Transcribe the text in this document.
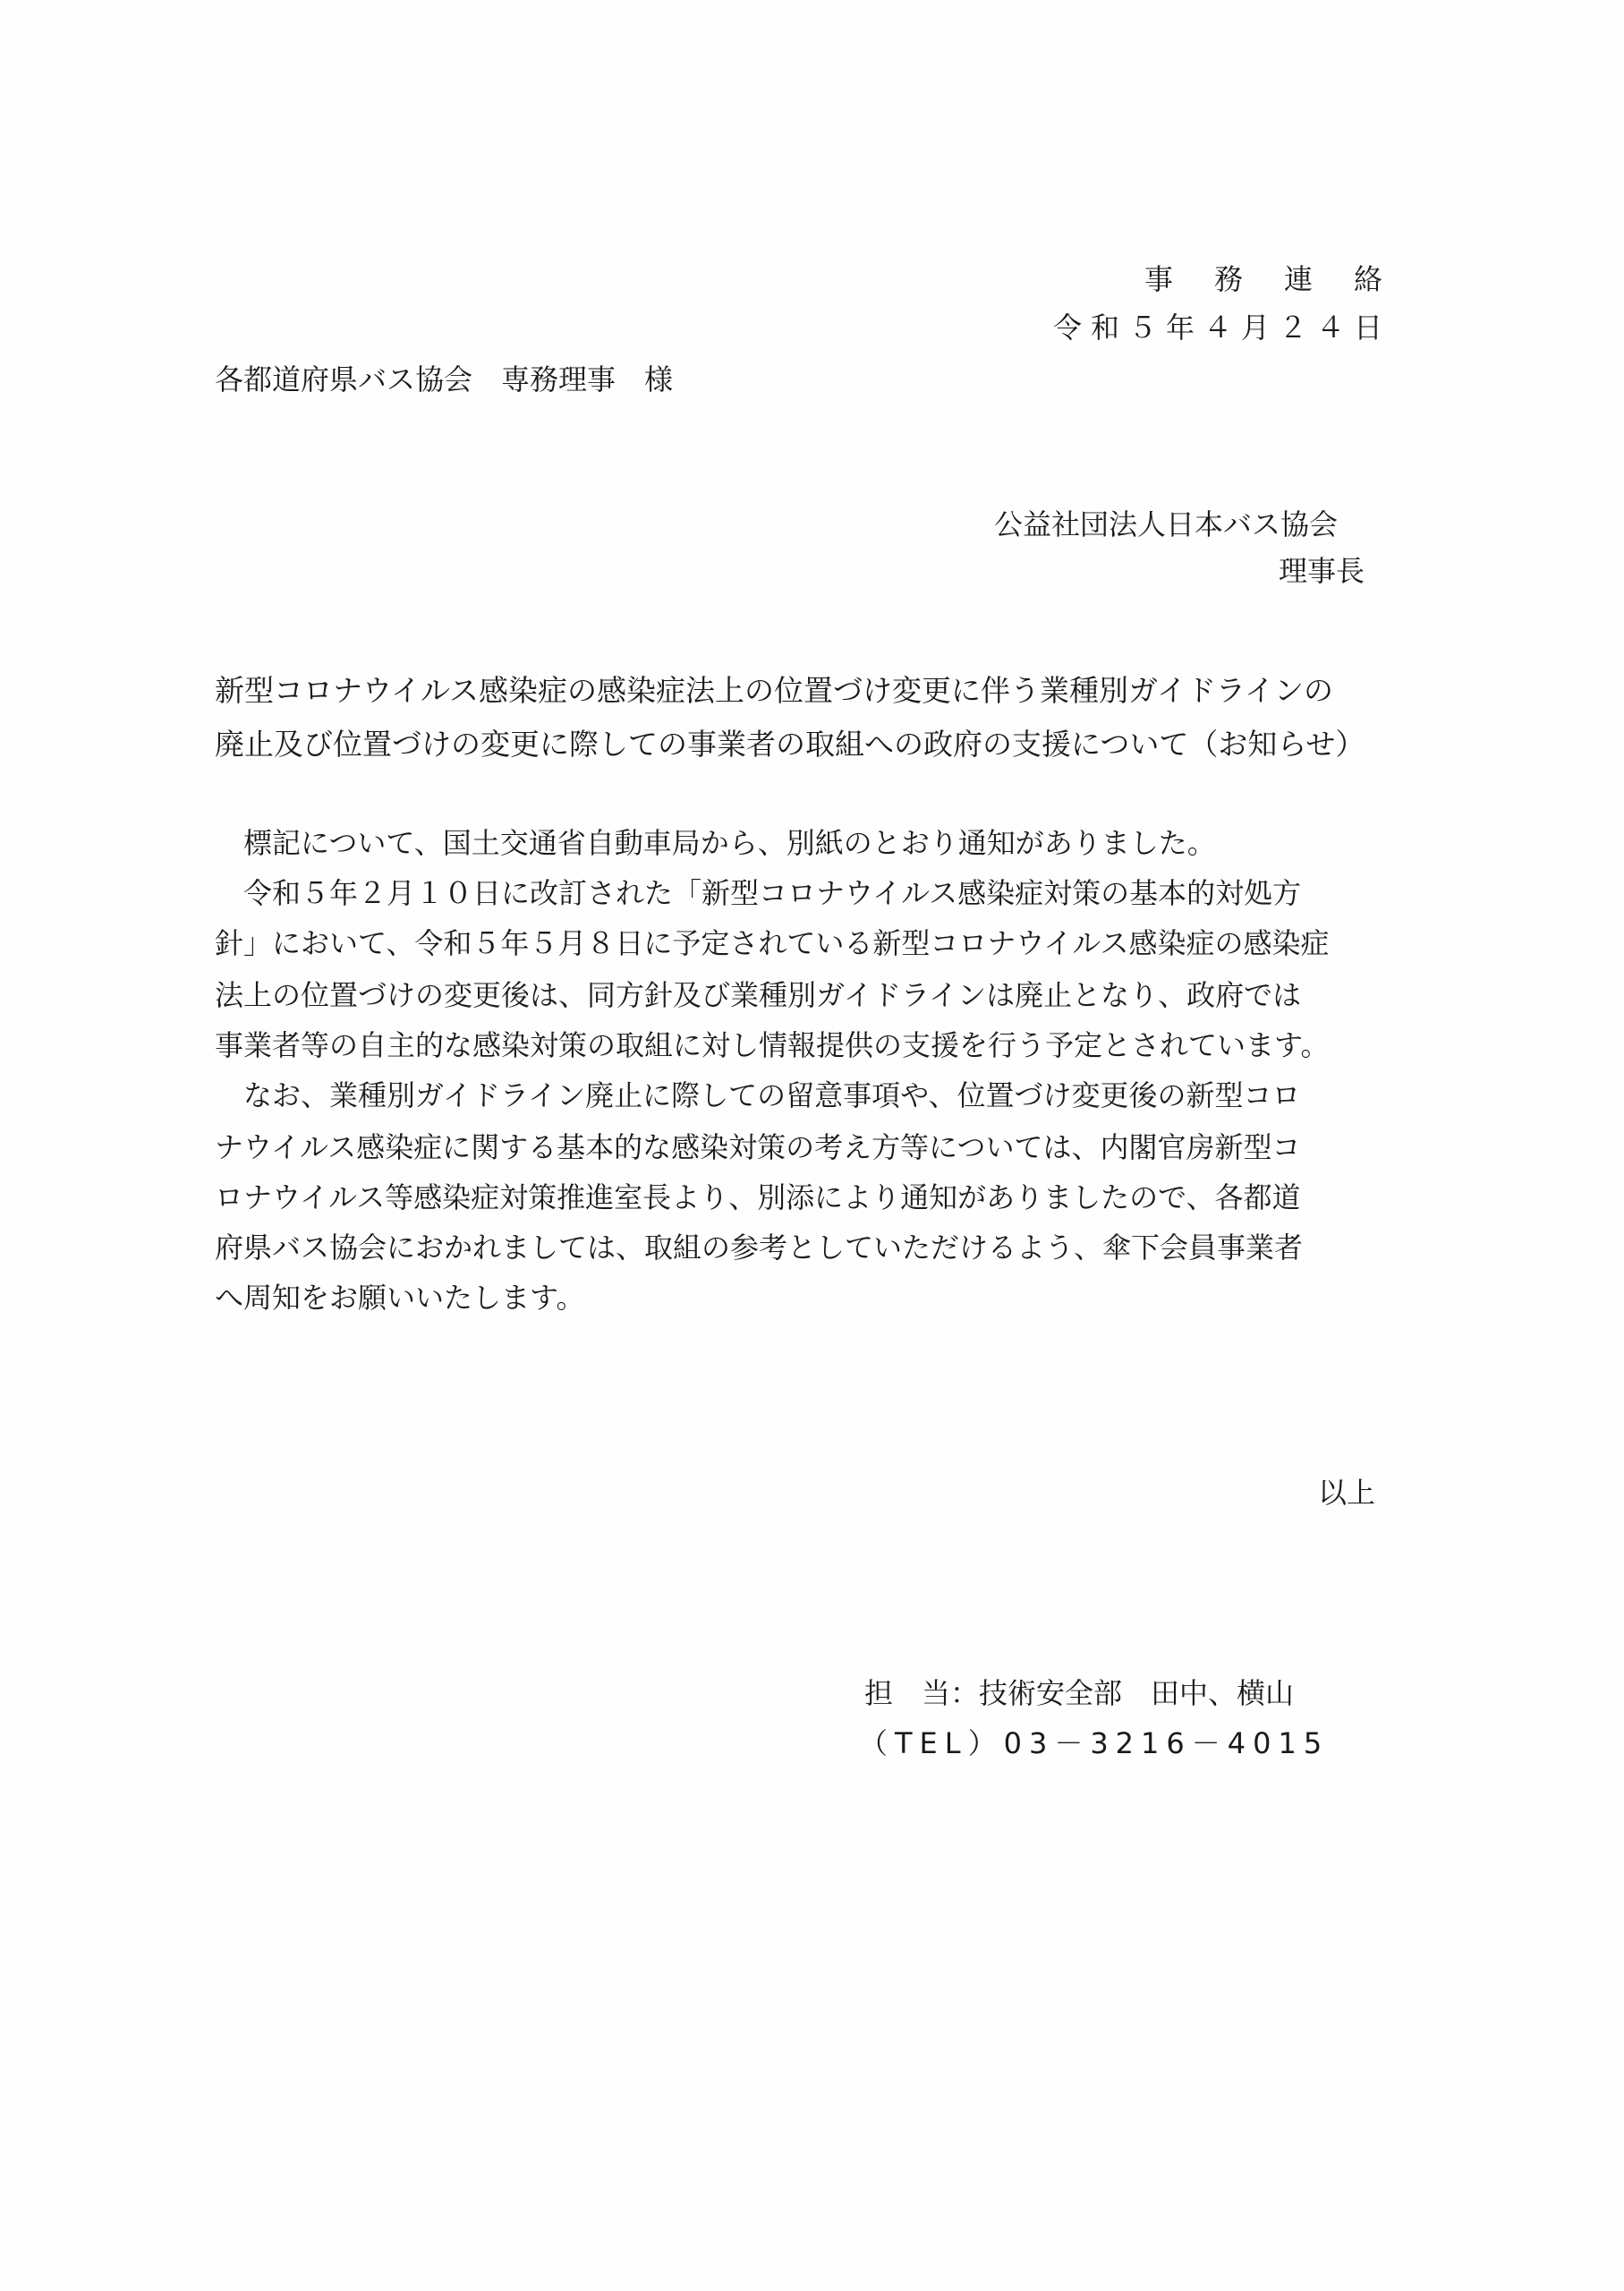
事務連絡
令和５年４月２４日
各都道府県バス協会　専務理事　様
公益社団法人日本バス協会
理事長
新型コロナウイルス感染症の感染症法上の位置づけ変更に伴う業種別ガイドラインの
廃止及び位置づけの変更に際しての事業者の取組への政府の支援について（お知らせ）
　標記について、国土交通省自動車局から、別紙のとおり通知がありました。
　令和５年２月１０日に改訂された「新型コロナウイルス感染症対策の基本的対処方
針」において、令和５年５月８日に予定されている新型コロナウイルス感染症の感染症
法上の位置づけの変更後は、同方針及び業種別ガイドラインは廃止となり、政府では
事業者等の自主的な感染対策の取組に対し情報提供の支援を行う予定とされています。
　なお、業種別ガイドライン廃止に際しての留意事項や、位置づけ変更後の新型コロ
ナウイルス感染症に関する基本的な感染対策の考え方等については、内閣官房新型コ
ロナウイルス等感染症対策推進室長より、別添により通知がありましたので、各都道
府県バス協会におかれましては、取組の参考としていただけるよう、傘下会員事業者
へ周知をお願いいたします。
以上
担　当：技術安全部　田中、横山
（TEL）03－3216－4015
